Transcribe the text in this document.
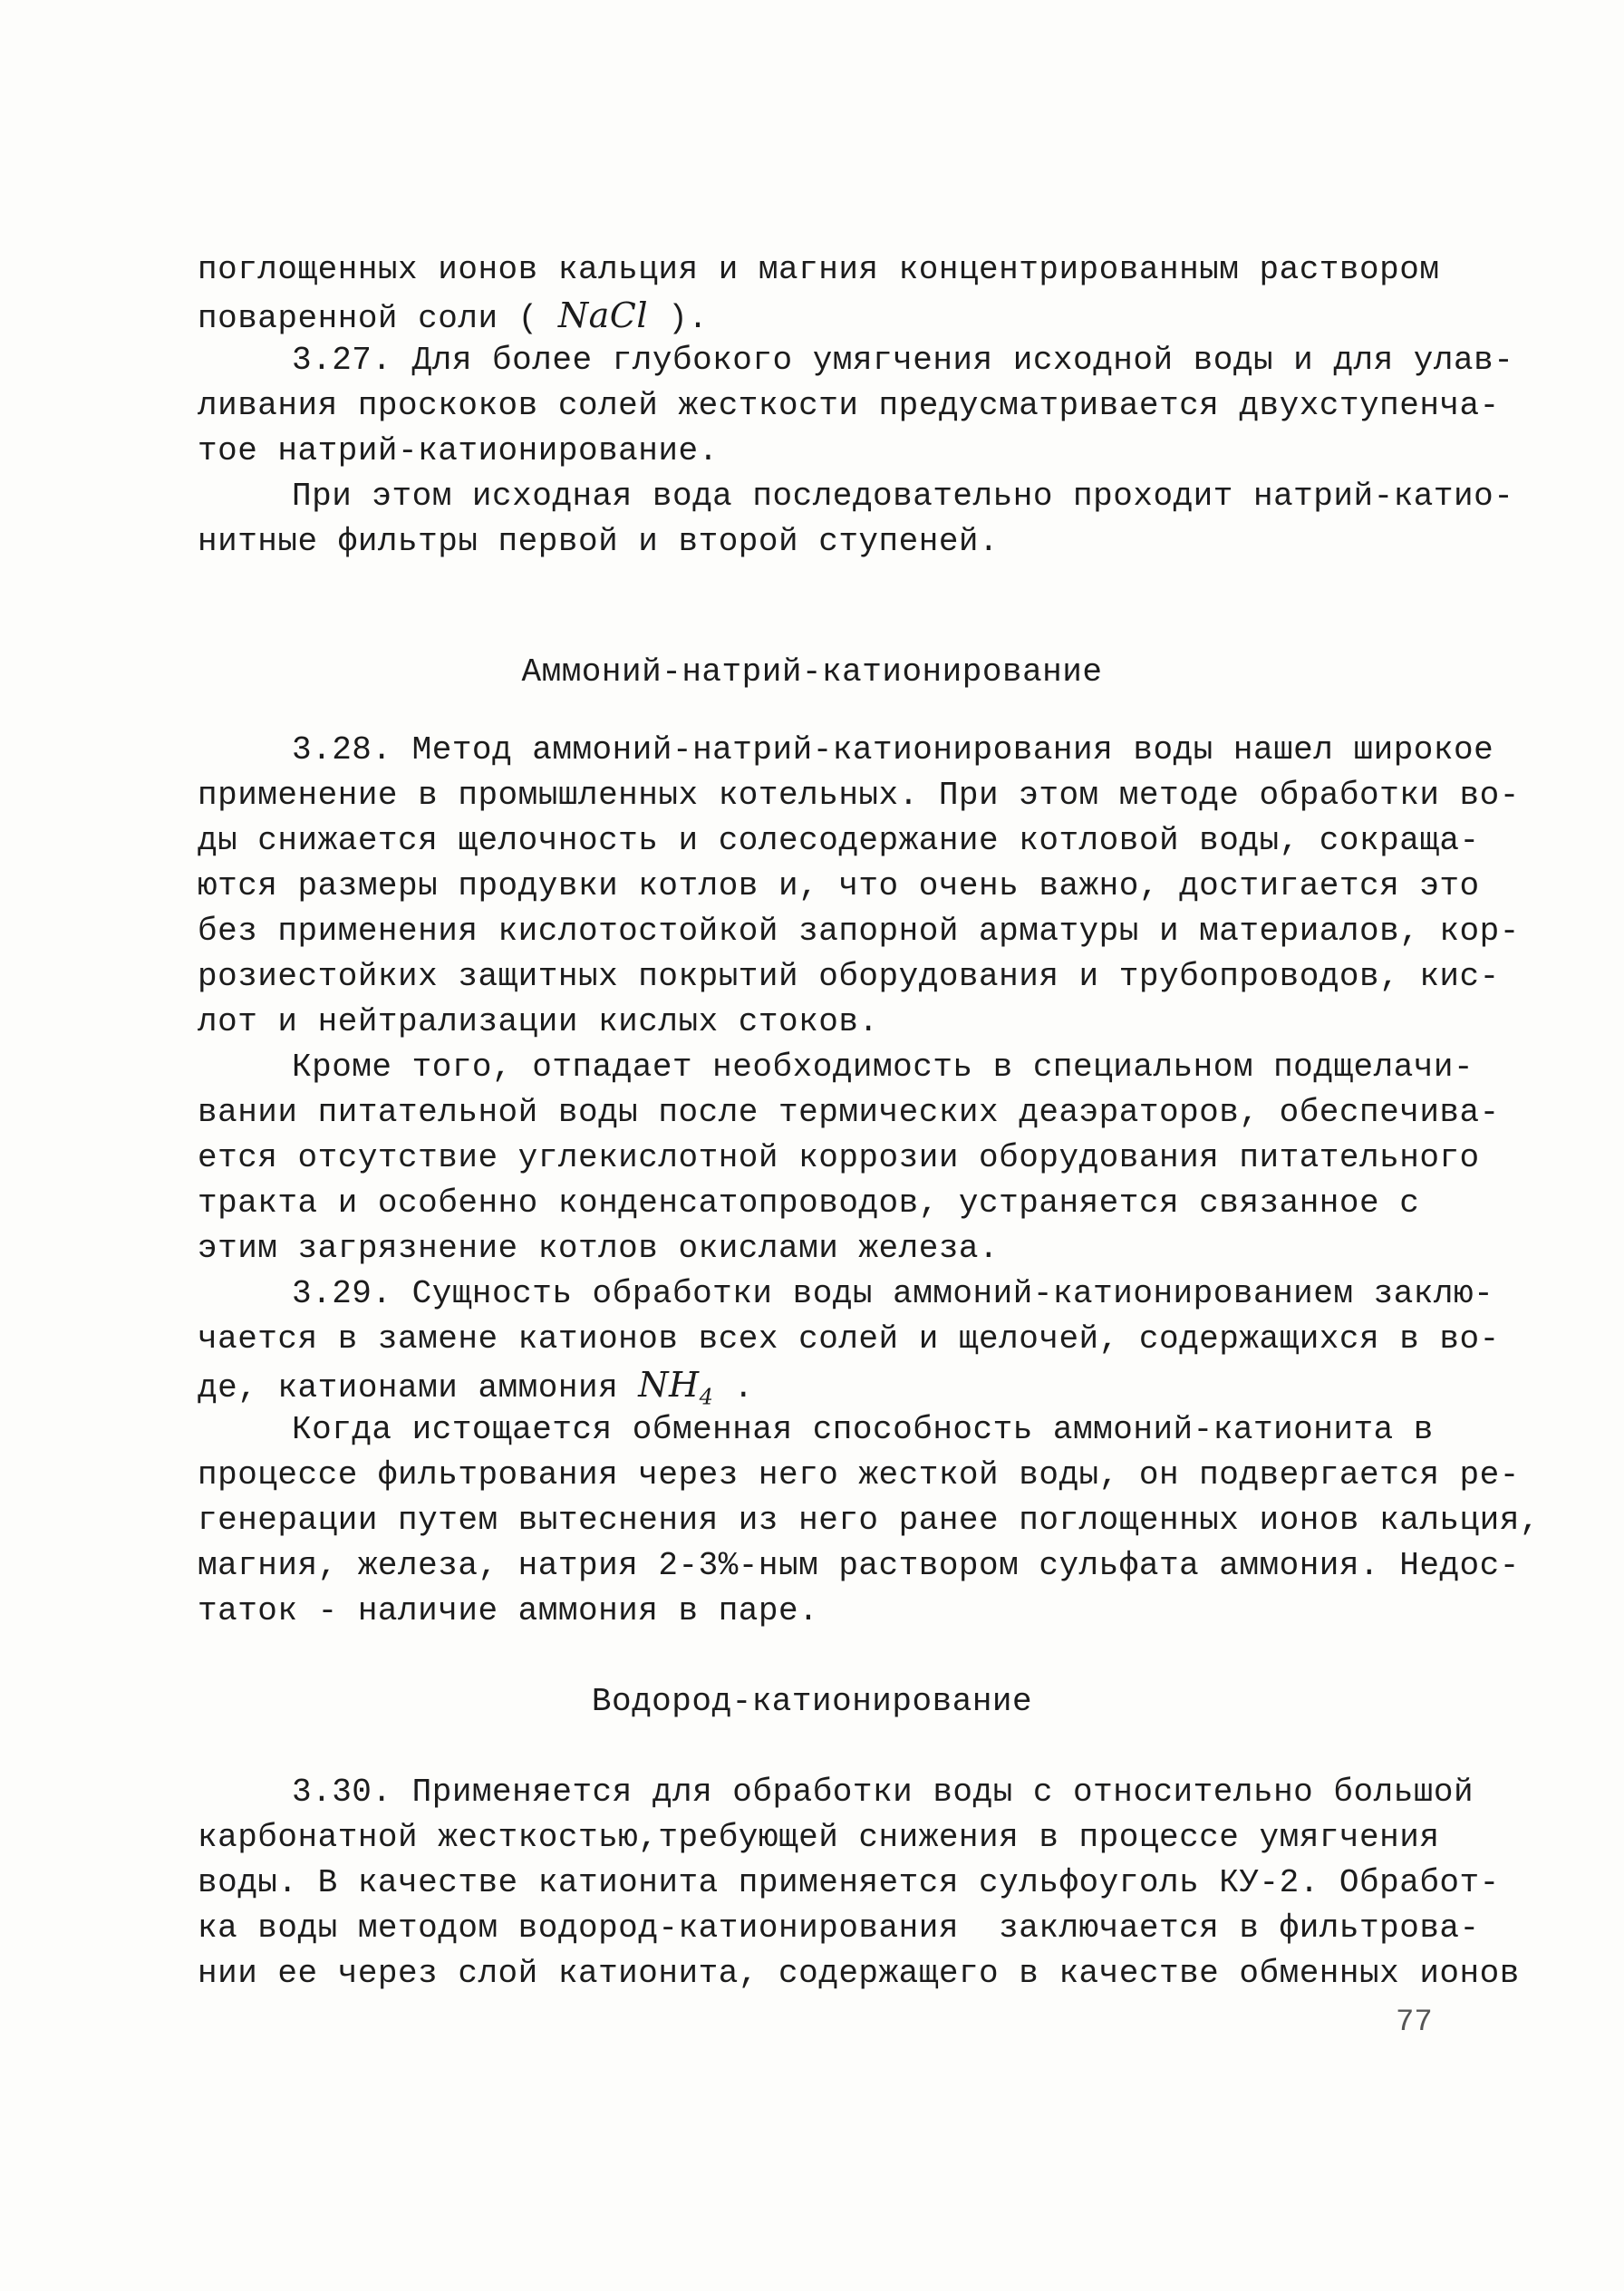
поглощенных ионов кальция и магния концентрированным раствором

поваренной соли ( NaCl ).

3.27. Для более глубокого умягчения исходной воды и для улав-

ливания проскоков солей жесткости предусматривается двухступенча-

тое натрий-катионирование.

При этом исходная вода последовательно проходит натрий-катио-

нитные фильтры первой и второй ступеней.

Аммоний-натрий-катионирование

3.28. Метод аммоний-натрий-катионирования воды нашел широкое

применение в промышленных котельных. При этом методе обработки во-

ды снижается щелочность и солесодержание котловой воды, сокраща-

ются размеры продувки котлов и, что очень важно, достигается это

без применения кислотостойкой запорной арматуры и материалов, кор-

розиестойких защитных покрытий оборудования и трубопроводов, кис-

лот и нейтрализации кислых стоков.

Кроме того, отпадает необходимость в специальном подщелачи-

вании питательной воды после термических деаэраторов, обеспечива-

ется отсутствие углекислотной коррозии оборудования питательного

тракта и особенно конденсатопроводов, устраняется связанное с

этим загрязнение котлов окислами железа.

3.29. Сущность обработки воды аммоний-катионированием заклю-

чается в замене катионов всех солей и щелочей, содержащихся в во-

де, катионами аммония $NH_4$ .

Когда истощается обменная способность аммоний-катионита в

процессе фильтрования через него жесткой воды, он подвергается ре-

генерации путем вытеснения из него ранее поглощенных ионов кальция,

магния, железа, натрия 2-3%-ным раствором сульфата аммония. Недос-

таток - наличие аммония в паре.

Водород-катионирование

3.30. Применяется для обработки воды с относительно большой

карбонатной жесткостью,требующей снижения в процессе умягчения

воды. В качестве катионита применяется сульфоуголь КУ-2. Обработ-

ка воды методом водород-катионирования  заключается в фильтрова-

нии ее через слой катионита, содержащего в качестве обменных ионов

77
